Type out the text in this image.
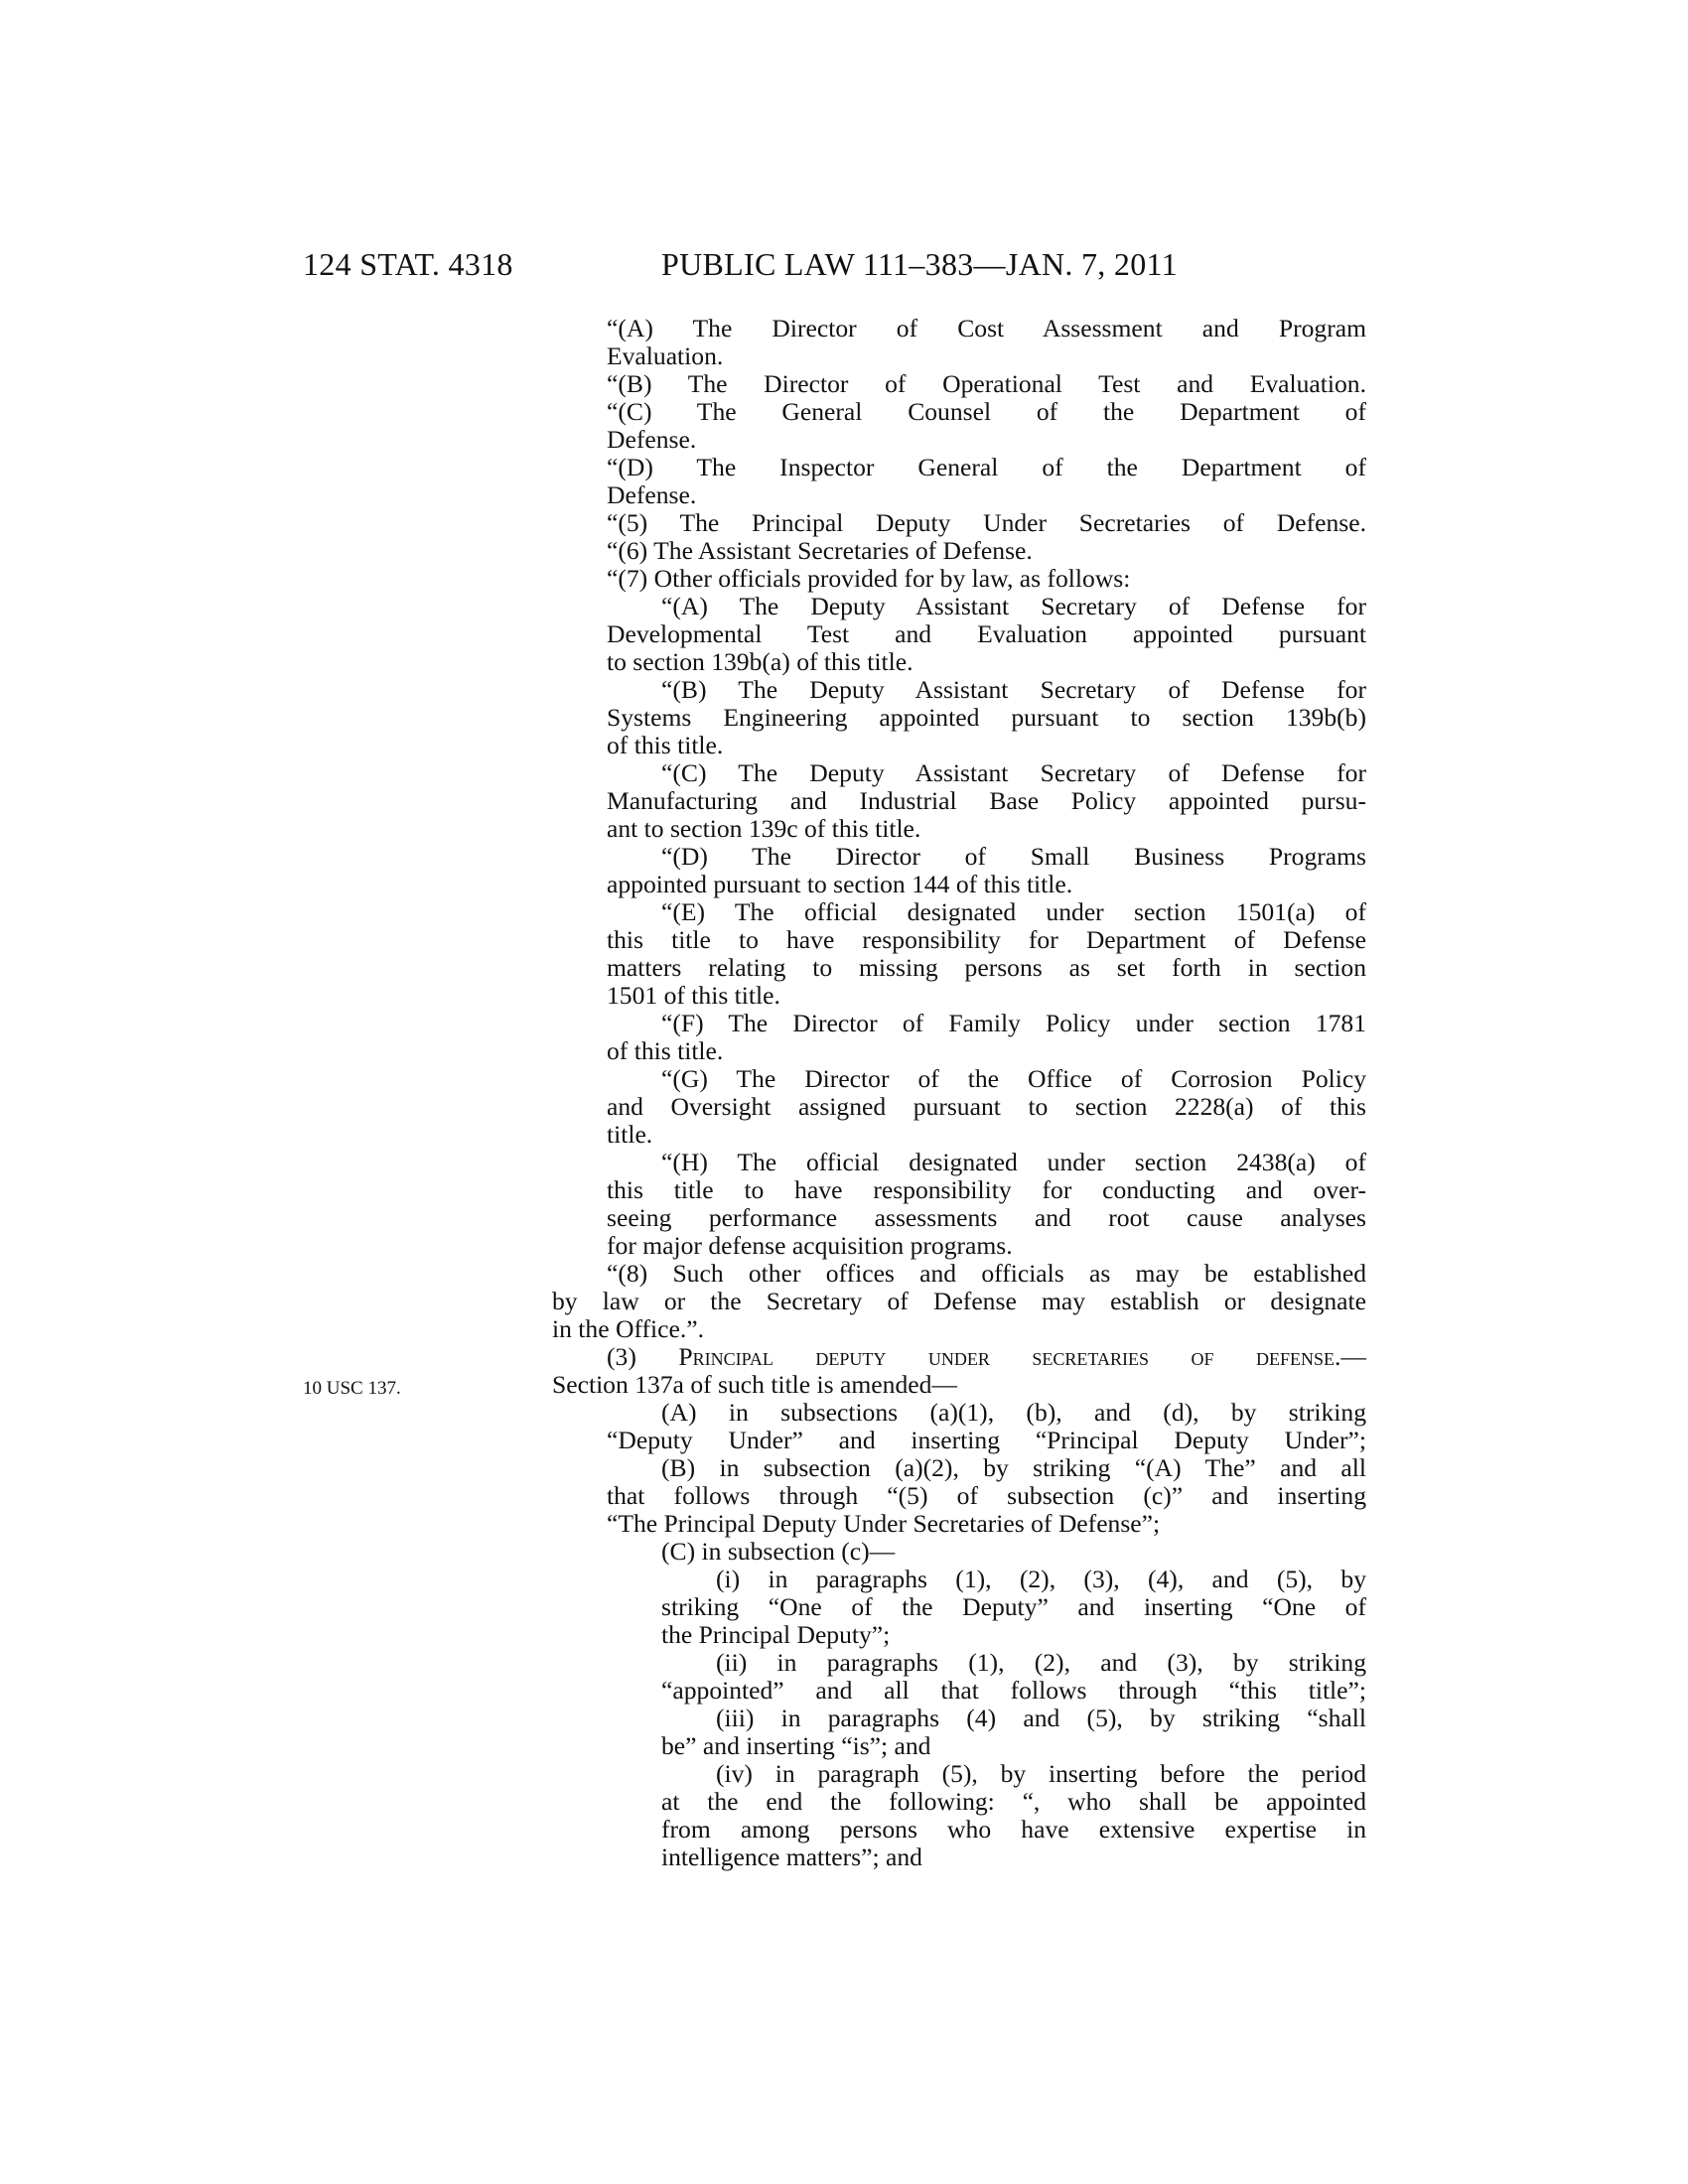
124 STAT. 4318	PUBLIC LAW 111–383—JAN. 7, 2011
10 USC 137.
“(A) The Director of Cost Assessment and Program
Evaluation.
“(B) The Director of Operational Test and Evaluation.
“(C) The General Counsel of the Department of
Defense.
“(D) The Inspector General of the Department of
Defense.
“(5) The Principal Deputy Under Secretaries of Defense.
“(6) The Assistant Secretaries of Defense.
“(7) Other officials provided for by law, as follows:
“(A) The Deputy Assistant Secretary of Defense for
Developmental Test and Evaluation appointed pursuant
to section 139b(a) of this title.
“(B) The Deputy Assistant Secretary of Defense for
Systems Engineering appointed pursuant to section 139b(b)
of this title.
“(C) The Deputy Assistant Secretary of Defense for
Manufacturing and Industrial Base Policy appointed pursu-
ant to section 139c of this title.
“(D) The Director of Small Business Programs
appointed pursuant to section 144 of this title.
“(E) The official designated under section 1501(a) of
this title to have responsibility for Department of Defense
matters relating to missing persons as set forth in section
1501 of this title.
“(F) The Director of Family Policy under section 1781
of this title.
“(G) The Director of the Office of Corrosion Policy
and Oversight assigned pursuant to section 2228(a) of this
title.
“(H) The official designated under section 2438(a) of
this title to have responsibility for conducting and over-
seeing performance assessments and root cause analyses
for major defense acquisition programs.
“(8) Such other offices and officials as may be established
by law or the Secretary of Defense may establish or designate
in the Office.”.
(3) Principal deputy under secretaries of defense.—
Section 137a of such title is amended—
(A) in subsections (a)(1), (b), and (d), by striking
“Deputy Under” and inserting “Principal Deputy Under”;
(B) in subsection (a)(2), by striking “(A) The” and all
that follows through “(5) of subsection (c)” and inserting
“The Principal Deputy Under Secretaries of Defense”;
(C) in subsection (c)—
(i) in paragraphs (1), (2), (3), (4), and (5), by
striking “One of the Deputy” and inserting “One of
the Principal Deputy”;
(ii) in paragraphs (1), (2), and (3), by striking
“appointed” and all that follows through “this title”;
(iii) in paragraphs (4) and (5), by striking “shall
be” and inserting “is”; and
(iv) in paragraph (5), by inserting before the period
at the end the following: “, who shall be appointed
from among persons who have extensive expertise in
intelligence matters”; and
